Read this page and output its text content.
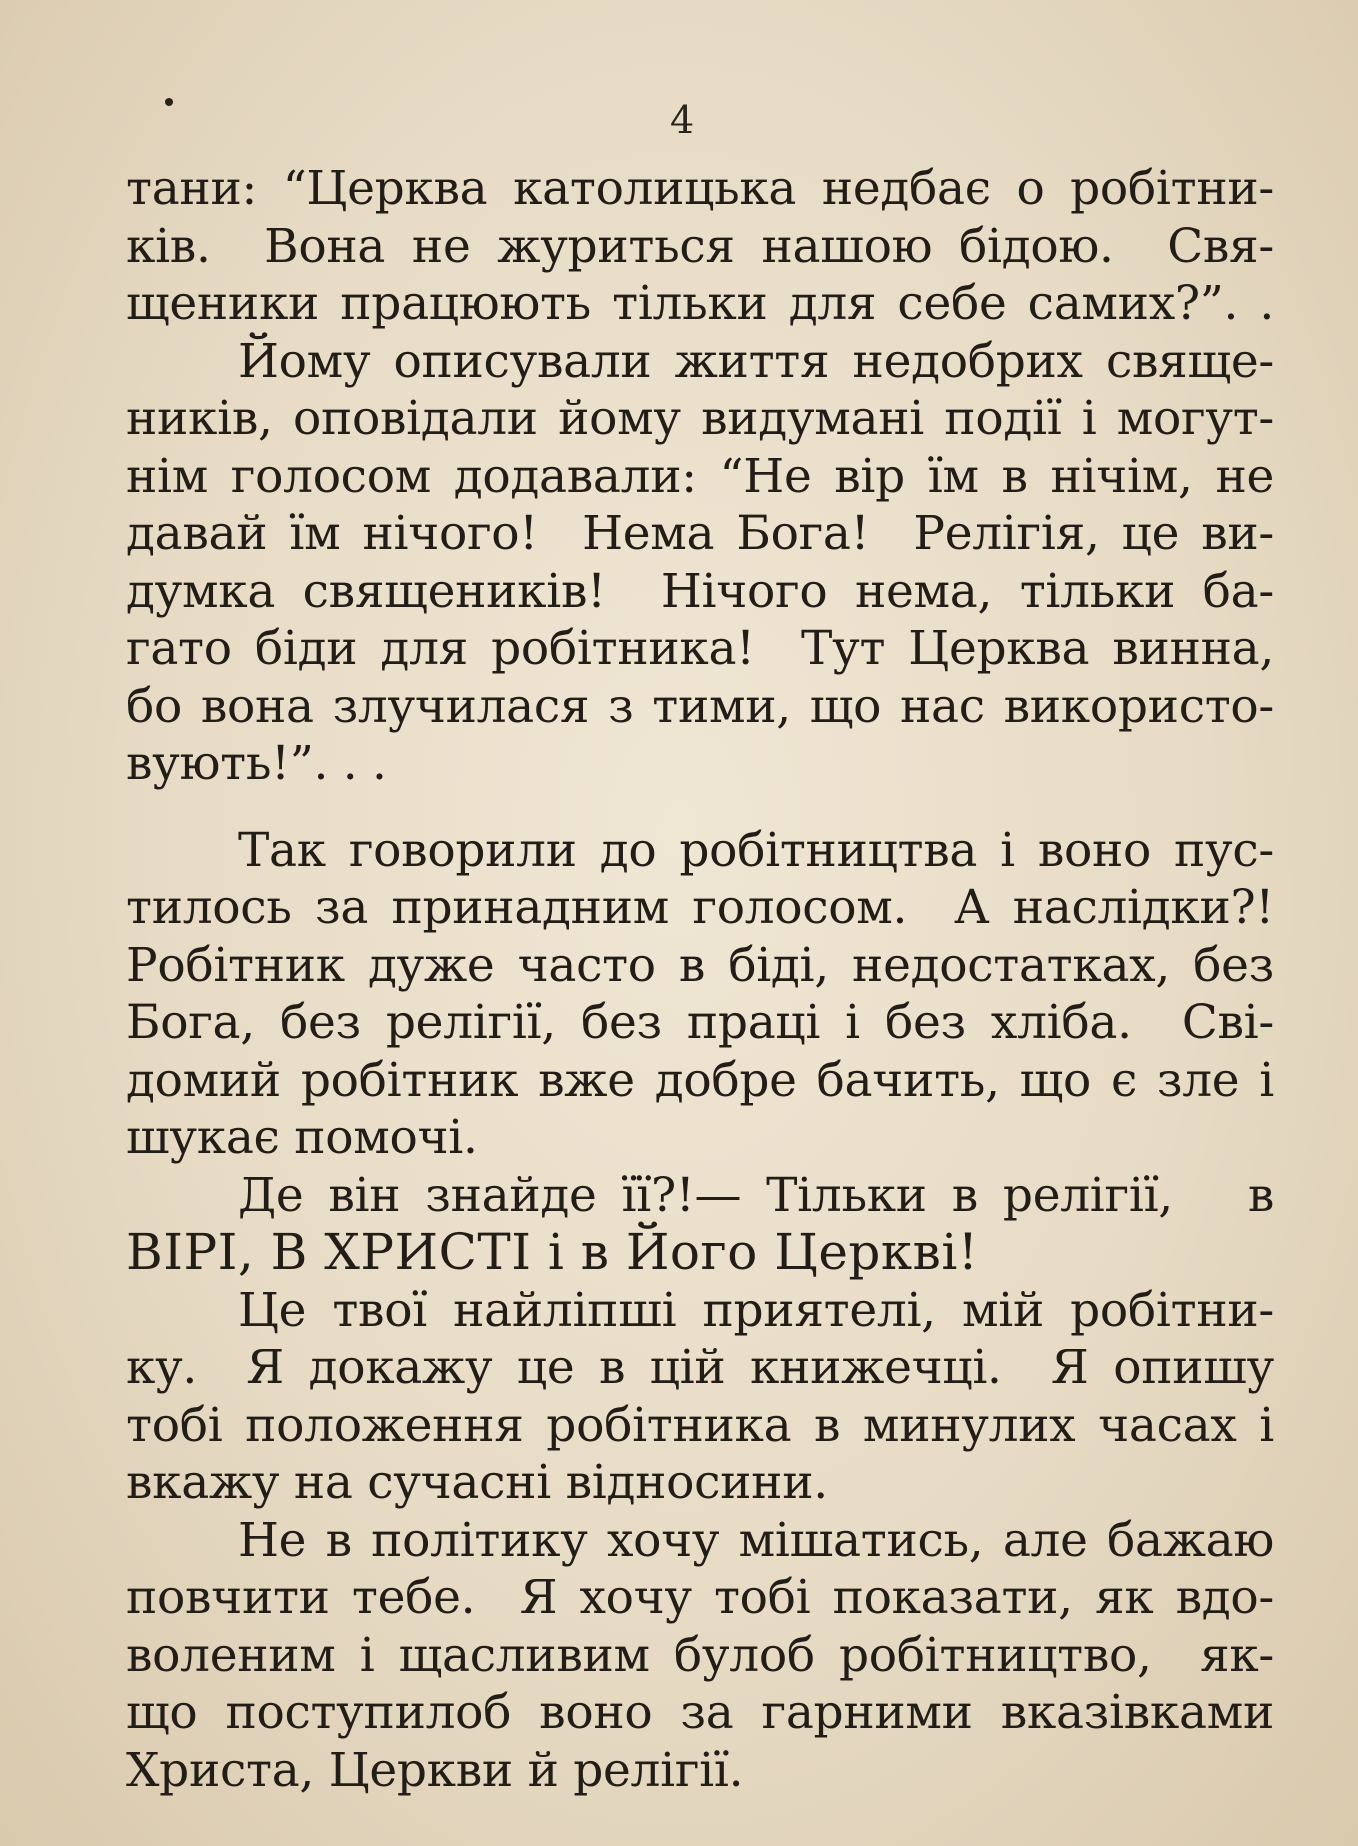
4
тани: “Церква католицька недбає о робітни-
ків.  Вона не журиться нашою бідою.  Свя-
щеники працюють тільки для себе самих?”. .
Йому описували життя недобрих свяще-
ників, оповідали йому видумані події і могут-
нім голосом додавали: “Не вір їм в нічім, не
давай їм нічого!  Нема Бога!  Релігія, це ви-
думка священиків!  Нічого нема, тільки ба-
гато біди для робітника!  Тут Церква винна,
бо вона злучилася з тими, що нас використо-
вують!”. . .
Так говорили до робітництва і воно пус-
тилось за принадним голосом.  А наслідки?!
Робітник дуже часто в біді, недостатках, без
Бога, без релігії, без праці і без хліба.  Сві-
домий робітник вже добре бачить, що є зле і
шукає помочі.
Де він знайде її?!— Тільки в релігії,   в
ВІРІ, В ХРИСТІ і в Його Церкві!
Це твої найліпші приятелі, мій робітни-
ку.  Я докажу це в цій книжечці.  Я опишу
тобі положення робітника в минулих часах і
вкажу на сучасні відносини.
Не в політику хочу мішатись, але бажаю
повчити тебе.  Я хочу тобі показати, як вдо-
воленим і щасливим булоб робітництво,  як-
що поступилоб воно за гарними вказівками
Христа, Церкви й релігії.
